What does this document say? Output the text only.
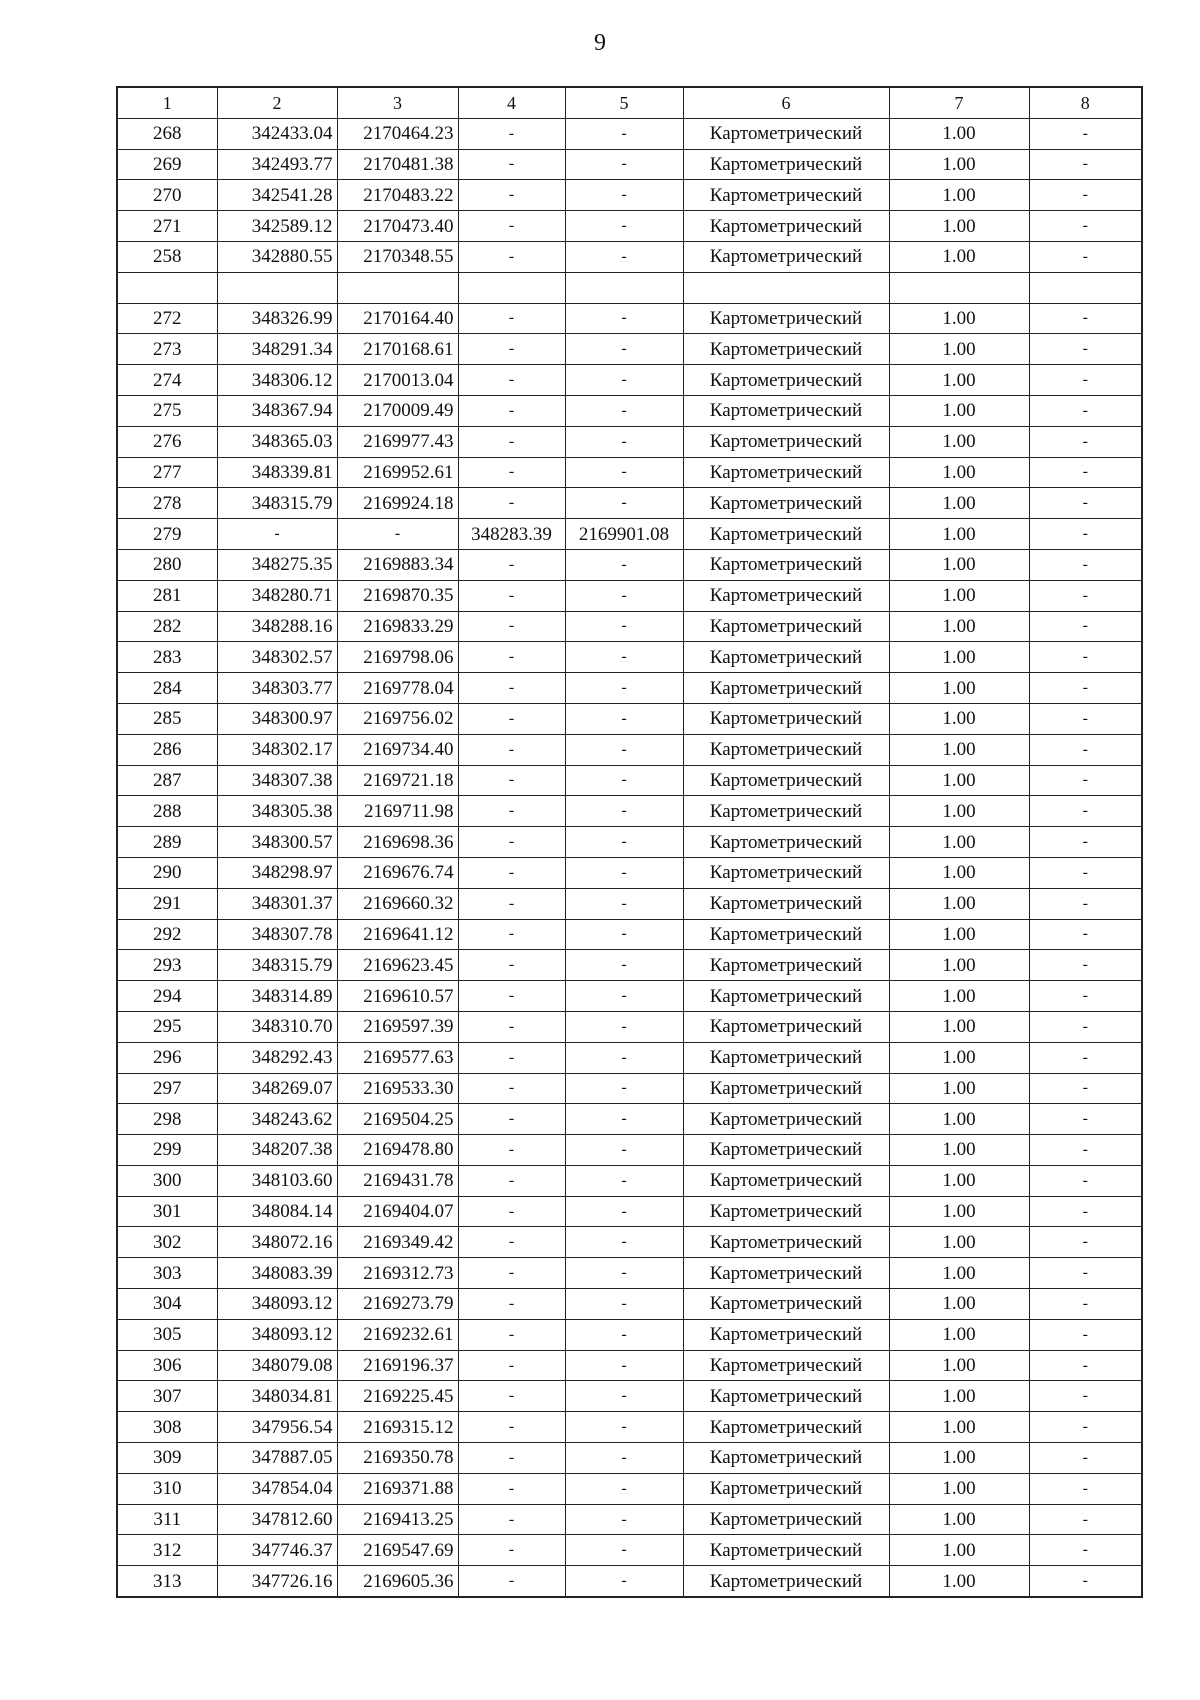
9
1	2	3	4	5	6	7	8
268	342433.04	2170464.23	-	-	Картометрический	1.00	-
269	342493.77	2170481.38	-	-	Картометрический	1.00	-
270	342541.28	2170483.22	-	-	Картометрический	1.00	-
271	342589.12	2170473.40	-	-	Картометрический	1.00	-
258	342880.55	2170348.55	-	-	Картометрический	1.00	-

272	348326.99	2170164.40	-	-	Картометрический	1.00	-
273	348291.34	2170168.61	-	-	Картометрический	1.00	-
274	348306.12	2170013.04	-	-	Картометрический	1.00	-
275	348367.94	2170009.49	-	-	Картометрический	1.00	-
276	348365.03	2169977.43	-	-	Картометрический	1.00	-
277	348339.81	2169952.61	-	-	Картометрический	1.00	-
278	348315.79	2169924.18	-	-	Картометрический	1.00	-
279	-	-	348283.39	2169901.08	Картометрический	1.00	-
280	348275.35	2169883.34	-	-	Картометрический	1.00	-
281	348280.71	2169870.35	-	-	Картометрический	1.00	-
282	348288.16	2169833.29	-	-	Картометрический	1.00	-
283	348302.57	2169798.06	-	-	Картометрический	1.00	-
284	348303.77	2169778.04	-	-	Картометрический	1.00	-
285	348300.97	2169756.02	-	-	Картометрический	1.00	-
286	348302.17	2169734.40	-	-	Картометрический	1.00	-
287	348307.38	2169721.18	-	-	Картометрический	1.00	-
288	348305.38	2169711.98	-	-	Картометрический	1.00	-
289	348300.57	2169698.36	-	-	Картометрический	1.00	-
290	348298.97	2169676.74	-	-	Картометрический	1.00	-
291	348301.37	2169660.32	-	-	Картометрический	1.00	-
292	348307.78	2169641.12	-	-	Картометрический	1.00	-
293	348315.79	2169623.45	-	-	Картометрический	1.00	-
294	348314.89	2169610.57	-	-	Картометрический	1.00	-
295	348310.70	2169597.39	-	-	Картометрический	1.00	-
296	348292.43	2169577.63	-	-	Картометрический	1.00	-
297	348269.07	2169533.30	-	-	Картометрический	1.00	-
298	348243.62	2169504.25	-	-	Картометрический	1.00	-
299	348207.38	2169478.80	-	-	Картометрический	1.00	-
300	348103.60	2169431.78	-	-	Картометрический	1.00	-
301	348084.14	2169404.07	-	-	Картометрический	1.00	-
302	348072.16	2169349.42	-	-	Картометрический	1.00	-
303	348083.39	2169312.73	-	-	Картометрический	1.00	-
304	348093.12	2169273.79	-	-	Картометрический	1.00	-
305	348093.12	2169232.61	-	-	Картометрический	1.00	-
306	348079.08	2169196.37	-	-	Картометрический	1.00	-
307	348034.81	2169225.45	-	-	Картометрический	1.00	-
308	347956.54	2169315.12	-	-	Картометрический	1.00	-
309	347887.05	2169350.78	-	-	Картометрический	1.00	-
310	347854.04	2169371.88	-	-	Картометрический	1.00	-
311	347812.60	2169413.25	-	-	Картометрический	1.00	-
312	347746.37	2169547.69	-	-	Картометрический	1.00	-
313	347726.16	2169605.36	-	-	Картометрический	1.00	-
